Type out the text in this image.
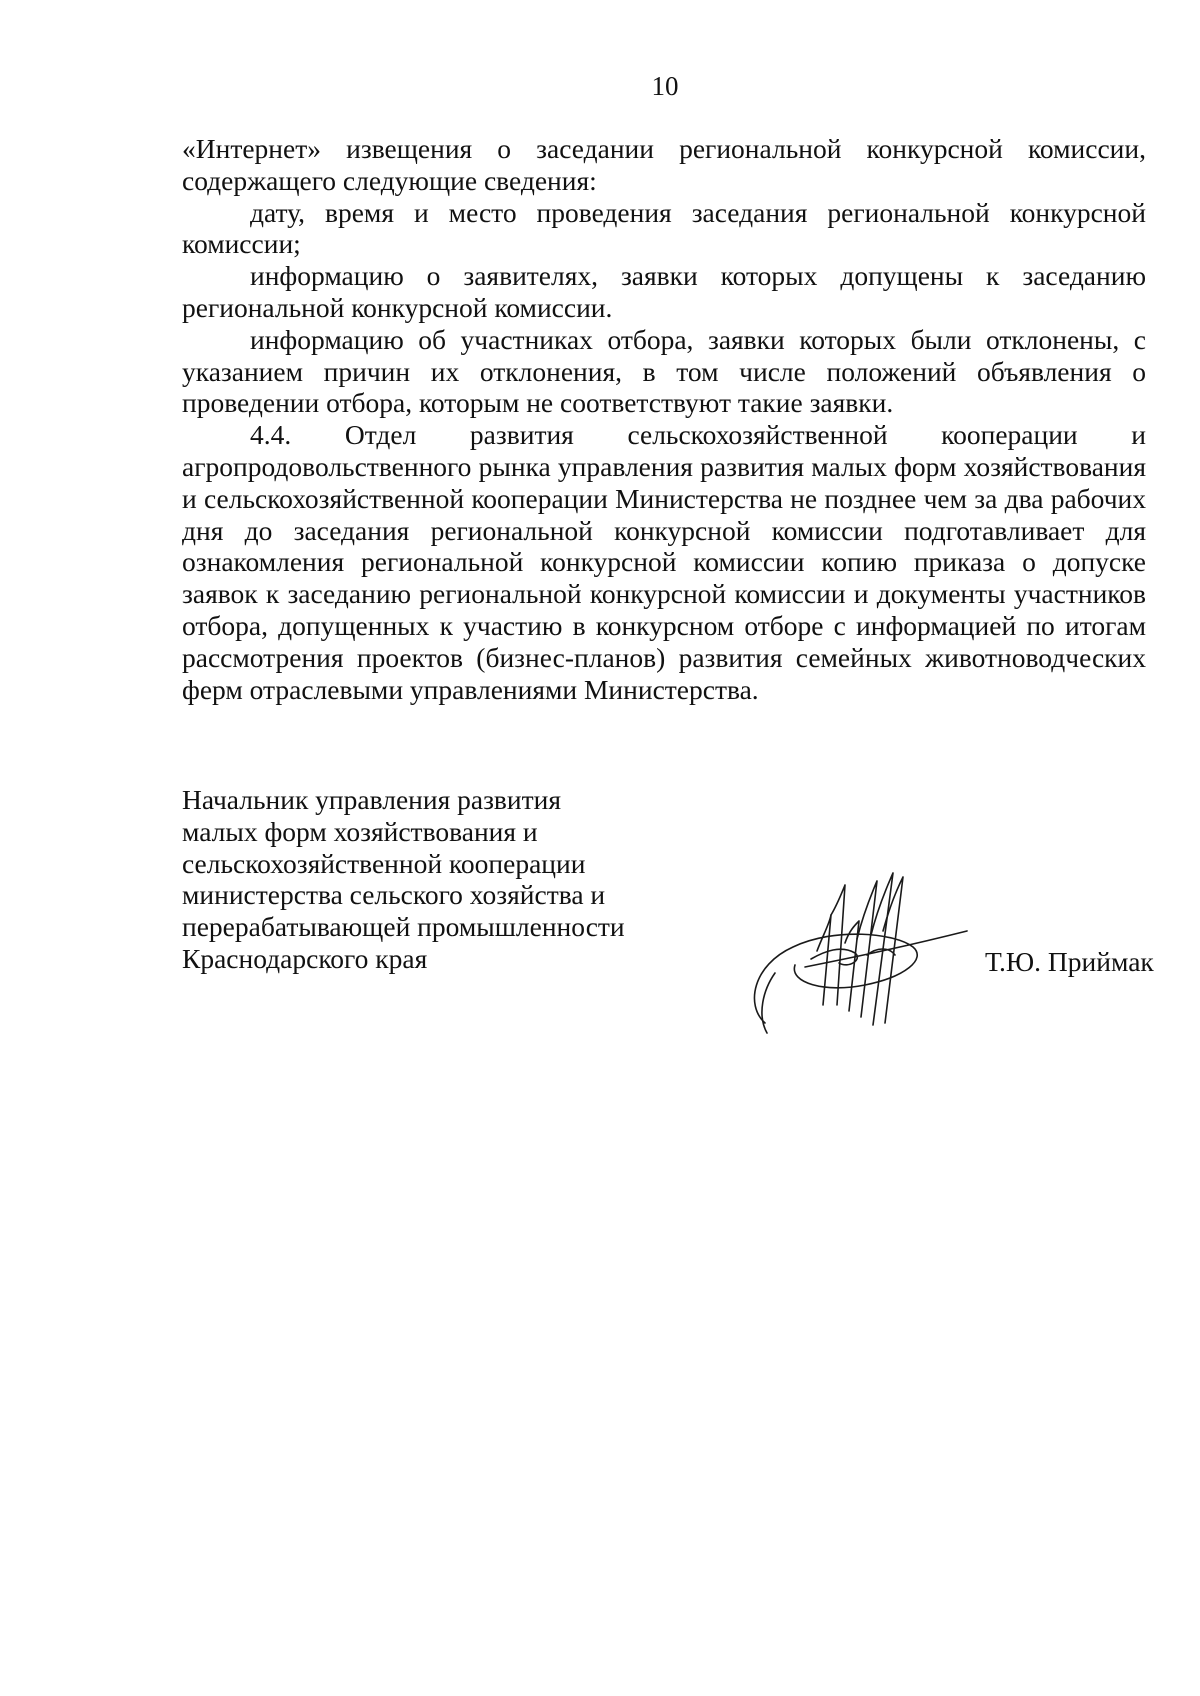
10

«Интернет» извещения о заседании региональной конкурсной комиссии, содержащего следующие сведения:

дату, время и место проведения заседания региональной конкурсной комиссии;

информацию о заявителях, заявки которых допущены к заседанию региональной конкурсной комиссии.

информацию об участниках отбора, заявки которых были отклонены, с указанием причин их отклонения, в том числе положений объявления о проведении отбора, которым не соответствуют такие заявки.

4.4. Отдел развития сельскохозяйственной кооперации и агропродовольственного рынка управления развития малых форм хозяйствования и сельскохозяйственной кооперации Министерства не позднее чем за два рабочих дня до заседания региональной конкурсной комиссии подготавливает для ознакомления региональной конкурсной комиссии копию приказа о допуске заявок к заседанию региональной конкурсной комиссии и документы участников отбора, допущенных к участию в конкурсном отборе с информацией по итогам рассмотрения проектов (бизнес-планов) развития семейных животноводческих ферм отраслевыми управлениями Министерства.

Начальник управления развития
малых форм хозяйствования и
сельскохозяйственной кооперации
министерства сельского хозяйства и
перерабатывающей промышленности
Краснодарского края	Т.Ю. Приймак
